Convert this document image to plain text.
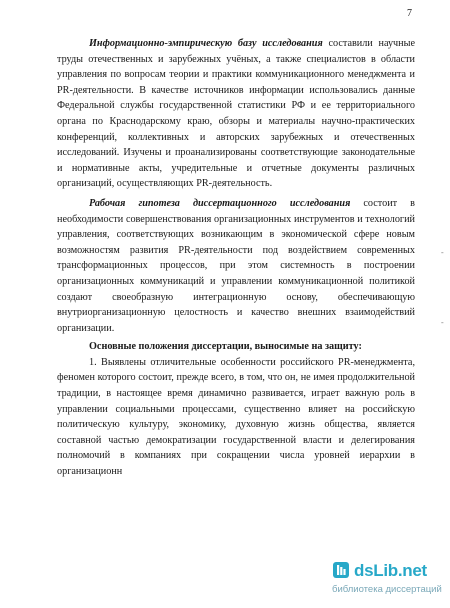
7

Информационно-эмпирическую базу исследования составили научные труды отечественных и зарубежных учёных, а также специалистов в области управления по вопросам теории и практики коммуникационного менеджмента и PR-деятельности. В качестве источников информации использовались данные Федеральной службы государственной статистики РФ и ее территориального органа по Краснодарскому краю, обзоры и материалы научно-практических конференций, коллективных и авторских зарубежных и отечественных исследований. Изучены и проанализированы соответствующие законодательные и нормативные акты, учредительные и отчетные документы различных организаций, осуществляющих PR-деятельность.

Рабочая гипотеза диссертационного исследования состоит в необходимости совершенствования организационных инструментов и технологий управления, соответствующих возникающим в экономической сфере новым возможностям развития PR-деятельности под воздействием современных трансформационных процессов, при этом системность в построении организационных коммуникаций и управлении коммуникационной политикой создают своеобразную интеграционную основу, обеспечивающую внутриорганизационную целостность и качество внешних взаимодействий организации.

Основные положения диссертации, выносимые на защиту:

1. Выявлены отличительные особенности российского PR-менеджмента, феномен которого состоит, прежде всего, в том, что он, не имея продолжительной традиции, в настоящее время динамично развивается, играет важную роль в управлении социальными процессами, существенно влияет на российскую политическую культуру, экономику, духовную жизнь общества, является составной частью демократизации государственной власти и делегирования полномочий в компаниях при сокращении числа уровней иерархии в организационн

-
-
dsLib.net
библиотека диссертаций
